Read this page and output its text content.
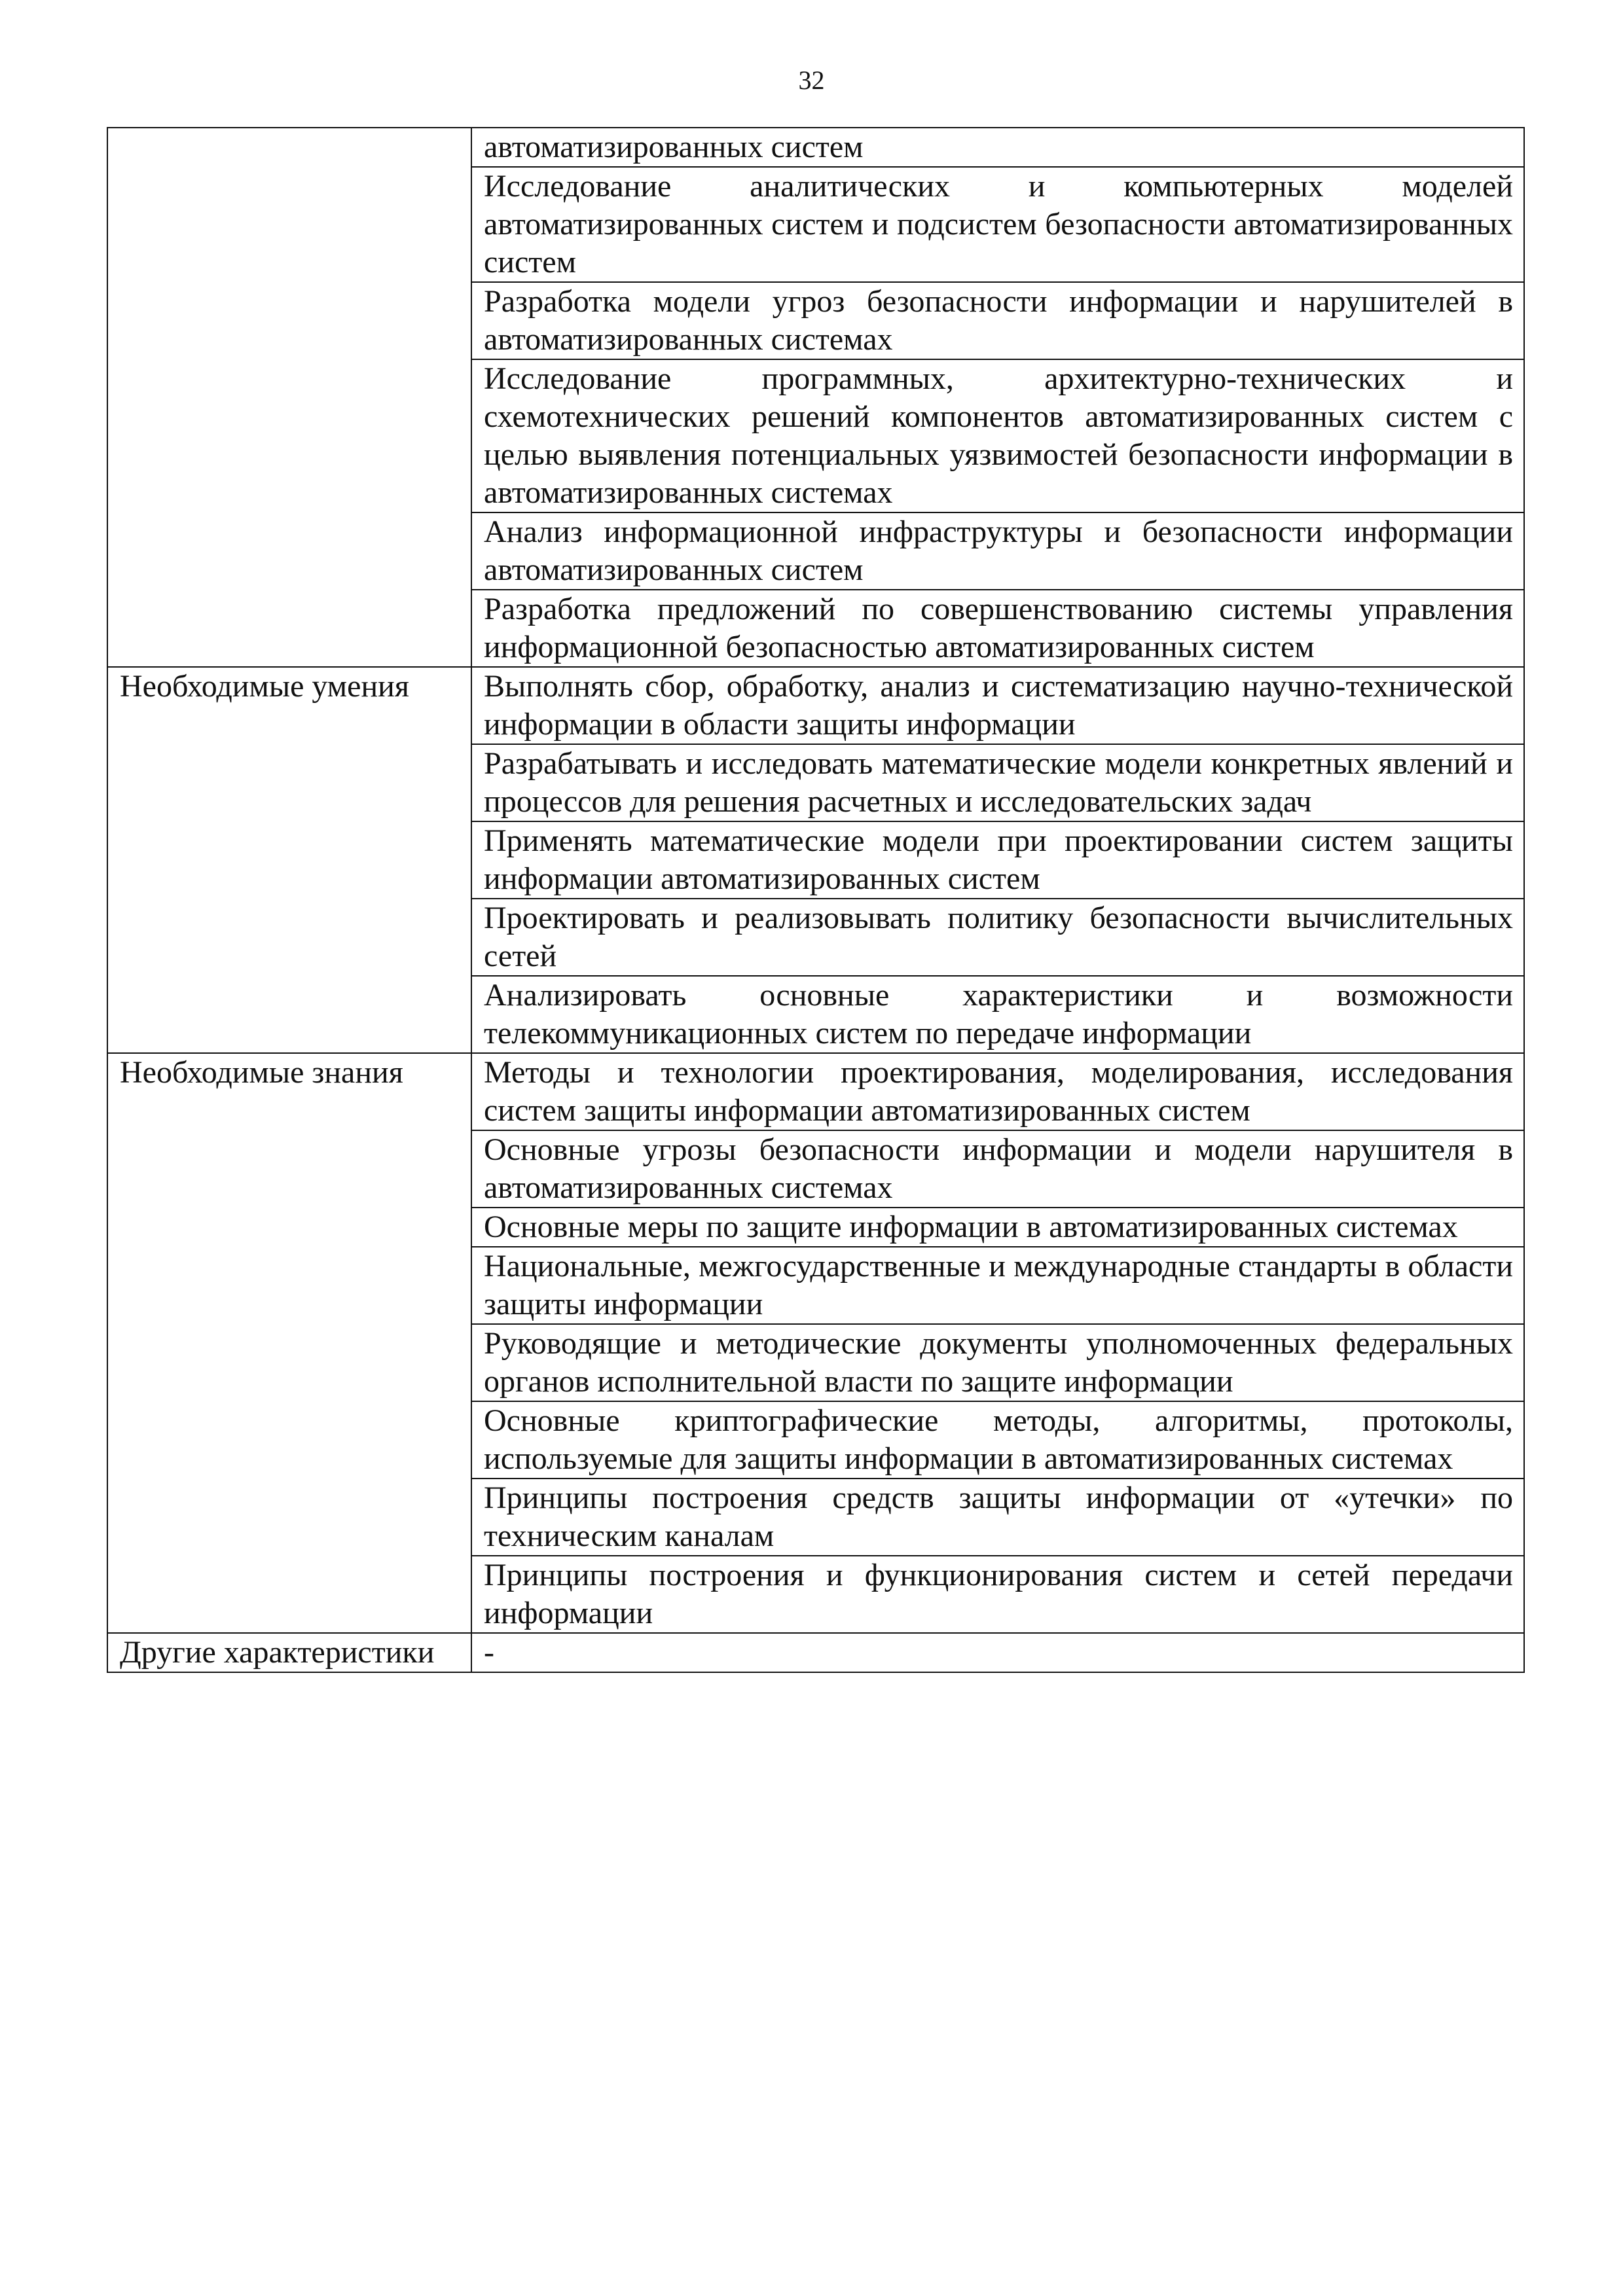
32
	автоматизированных систем
	Исследование аналитических и компьютерных моделей автоматизированных систем и подсистем безопасности автоматизированных систем
	Разработка модели угроз безопасности информации и нарушителей в автоматизированных системах
	Исследование программных, архитектурно-технических и схемотехнических решений компонентов автоматизированных систем с целью выявления потенциальных уязвимостей безопасности информации в автоматизированных системах
	Анализ информационной инфраструктуры и безопасности информации автоматизированных систем
	Разработка предложений по совершенствованию системы управления информационной безопасностью автоматизированных систем
Необходимые умения	Выполнять сбор, обработку, анализ и систематизацию научно-технической информации в области защиты информации
	Разрабатывать и исследовать математические модели конкретных явлений и процессов для решения расчетных и исследовательских задач
	Применять математические модели при проектировании систем защиты информации автоматизированных систем
	Проектировать и реализовывать политику безопасности вычислительных сетей
	Анализировать основные характеристики и возможности телекоммуникационных систем по передаче информации
Необходимые знания	Методы и технологии проектирования, моделирования, исследования систем защиты информации автоматизированных систем
	Основные угрозы безопасности информации и модели нарушителя в автоматизированных системах
	Основные меры по защите информации в автоматизированных системах
	Национальные, межгосударственные и международные стандарты в области защиты информации
	Руководящие и методические документы уполномоченных федеральных органов исполнительной власти по защите информации
	Основные криптографические методы, алгоритмы, протоколы, используемые для защиты информации в автоматизированных системах
	Принципы построения средств защиты информации от «утечки» по техническим каналам
	Принципы построения и функционирования систем и сетей передачи информации
Другие характеристики	-
